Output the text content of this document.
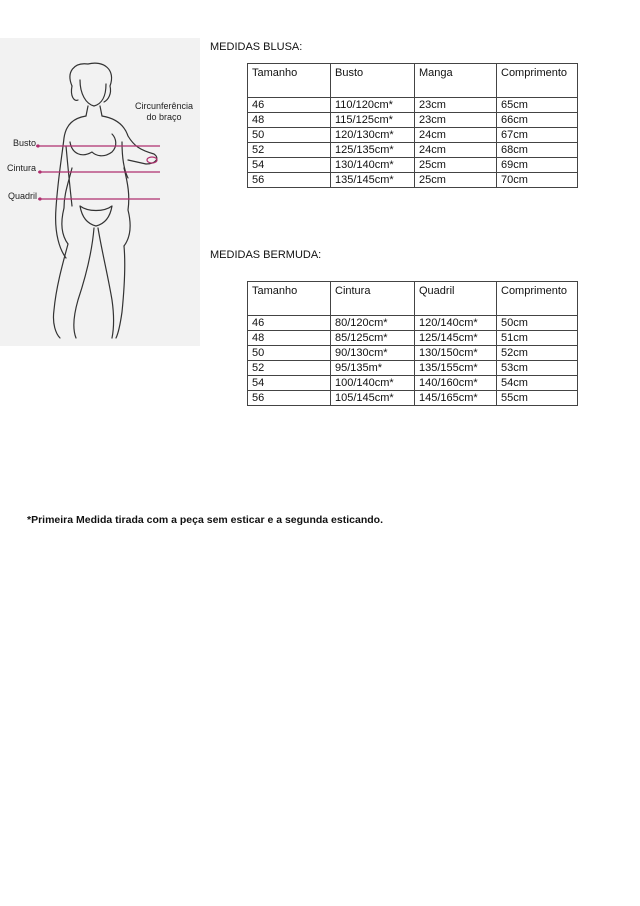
Circunferência
do braço
Busto
Cintura
Quadril
MEDIDAS BLUSA:
Tamanho	Busto	Manga	Comprimento
46	110/120cm*	23cm	65cm
48	115/125cm*	23cm	66cm
50	120/130cm*	24cm	67cm
52	125/135cm*	24cm	68cm
54	130/140cm*	25cm	69cm
56	135/145cm*	25cm	70cm
MEDIDAS BERMUDA:
Tamanho	Cintura	Quadril	Comprimento
46	80/120cm*	120/140cm*	50cm
48	85/125cm*	125/145cm*	51cm
50	90/130cm*	130/150cm*	52cm
52	95/135m*	135/155cm*	53cm
54	100/140cm*	140/160cm*	54cm
56	105/145cm*	145/165cm*	55cm
*Primeira Medida tirada com a peça sem esticar e a segunda esticando.
